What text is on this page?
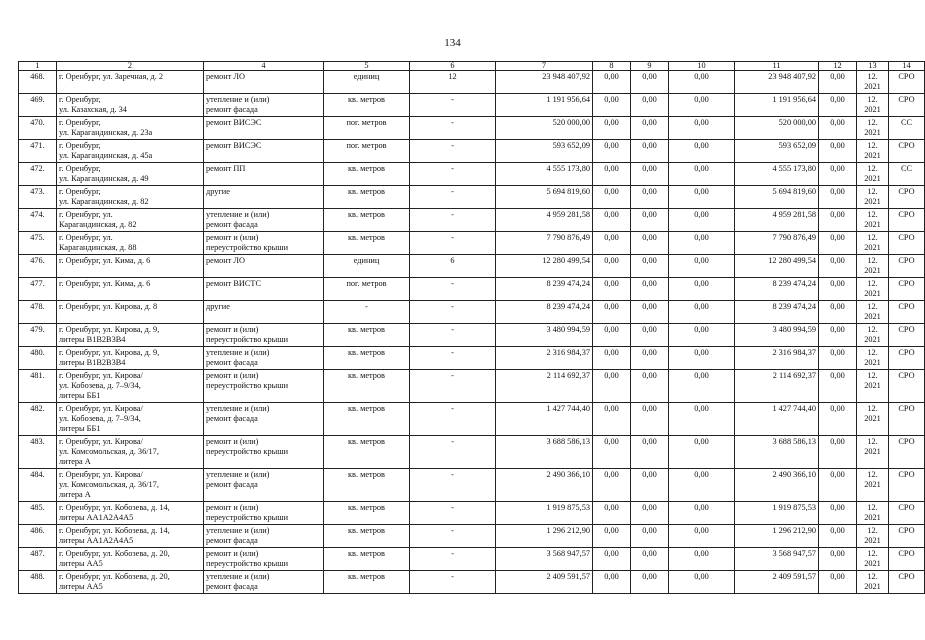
134
1	2	4	5	6	7	8	9	10	11	12	13	14
468.	г. Оренбург, ул. Заречная, д. 2	ремонт ЛО	единиц	12	23 948 407,92	0,00	0,00	0,00	23 948 407,92	0,00	12.
2021	СРО
469.	г. Оренбург,
ул. Казахская, д. 34	утепление и (или)
ремонт фасада	кв. метров	-	1 191 956,64	0,00	0,00	0,00	1 191 956,64	0,00	12.
2021	СРО
470.	г. Оренбург,
ул. Карагандинская, д. 23а	ремонт ВИСЭС	пог. метров	-	520 000,00	0,00	0,00	0,00	520 000,00	0,00	12.
2021	СС
471.	г. Оренбург,
ул. Карагандинская, д. 45а	ремонт ВИСЭС	пог. метров	-	593 652,09	0,00	0,00	0,00	593 652,09	0,00	12.
2021	СРО
472.	г. Оренбург,
ул. Карагандинская, д. 49	ремонт ПП	кв. метров	-	4 555 173,80	0,00	0,00	0,00	4 555 173,80	0,00	12.
2021	СС
473.	г. Оренбург,
ул. Карагандинская, д. 82	другие	кв. метров	-	5 694 819,60	0,00	0,00	0,00	5 694 819,60	0,00	12.
2021	СРО
474.	г. Оренбург, ул.
Карагандинская, д. 82	утепление и (или)
ремонт фасада	кв. метров	-	4 959 281,58	0,00	0,00	0,00	4 959 281,58	0,00	12.
2021	СРО
475.	г. Оренбург, ул.
Карагандинская, д. 88	ремонт и (или)
переустройство крыши	кв. метров	-	7 790 876,49	0,00	0,00	0,00	7 790 876,49	0,00	12.
2021	СРО
476.	г. Оренбург, ул. Кима, д. 6	ремонт ЛО	единиц	6	12 280 499,54	0,00	0,00	0,00	12 280 499,54	0,00	12.
2021	СРО
477.	г. Оренбург, ул. Кима, д. 6	ремонт ВИСТС	пог. метров	-	8 239 474,24	0,00	0,00	0,00	8 239 474,24	0,00	12.
2021	СРО
478.	г. Оренбург, ул. Кирова, д. 8	другие	-	-	8 239 474,24	0,00	0,00	0,00	8 239 474,24	0,00	12.
2021	СРО
479.	г. Оренбург, ул. Кирова, д. 9,
литеры В1В2В3В4	ремонт и (или)
переустройство крыши	кв. метров	-	3 480 994,59	0,00	0,00	0,00	3 480 994,59	0,00	12.
2021	СРО
480.	г. Оренбург, ул. Кирова, д. 9,
литеры В1В2В3В4	утепление и (или)
ремонт фасада	кв. метров	-	2 316 984,37	0,00	0,00	0,00	2 316 984,37	0,00	12.
2021	СРО
481.	г. Оренбург, ул. Кирова/
ул. Кобозева, д. 7–9/34,
литеры ББ1	ремонт и (или)
переустройство крыши	кв. метров	-	2 114 692,37	0,00	0,00	0,00	2 114 692,37	0,00	12.
2021	СРО
482.	г. Оренбург, ул. Кирова/
ул. Кобозева, д. 7–9/34,
литеры ББ1	утепление и (или)
ремонт фасада	кв. метров	-	1 427 744,40	0,00	0,00	0,00	1 427 744,40	0,00	12.
2021	СРО
483.	г. Оренбург, ул. Кирова/
ул. Комсомольская, д. 36/17,
литера А	ремонт и (или)
переустройство крыши	кв. метров	-	3 688 586,13	0,00	0,00	0,00	3 688 586,13	0,00	12.
2021	СРО
484.	г. Оренбург, ул. Кирова/
ул. Комсомольская, д. 36/17,
литера А	утепление и (или)
ремонт фасада	кв. метров	-	2 490 366,10	0,00	0,00	0,00	2 490 366,10	0,00	12.
2021	СРО
485.	г. Оренбург, ул. Кобозева, д. 14,
литеры АА1А2А4А5	ремонт и (или)
переустройство крыши	кв. метров	-	1 919 875,53	0,00	0,00	0,00	1 919 875,53	0,00	12.
2021	СРО
486.	г. Оренбург, ул. Кобозева, д. 14,
литеры АА1А2А4А5	утепление и (или)
ремонт фасада	кв. метров	-	1 296 212,90	0,00	0,00	0,00	1 296 212,90	0,00	12.
2021	СРО
487.	г. Оренбург, ул. Кобозева, д. 20,
литеры АА5	ремонт и (или)
переустройство крыши	кв. метров	-	3 568 947,57	0,00	0,00	0,00	3 568 947,57	0,00	12.
2021	СРО
488.	г. Оренбург, ул. Кобозева, д. 20,
литеры АА5	утепление и (или)
ремонт фасада	кв. метров	-	2 409 591,57	0,00	0,00	0,00	2 409 591,57	0,00	12.
2021	СРО
